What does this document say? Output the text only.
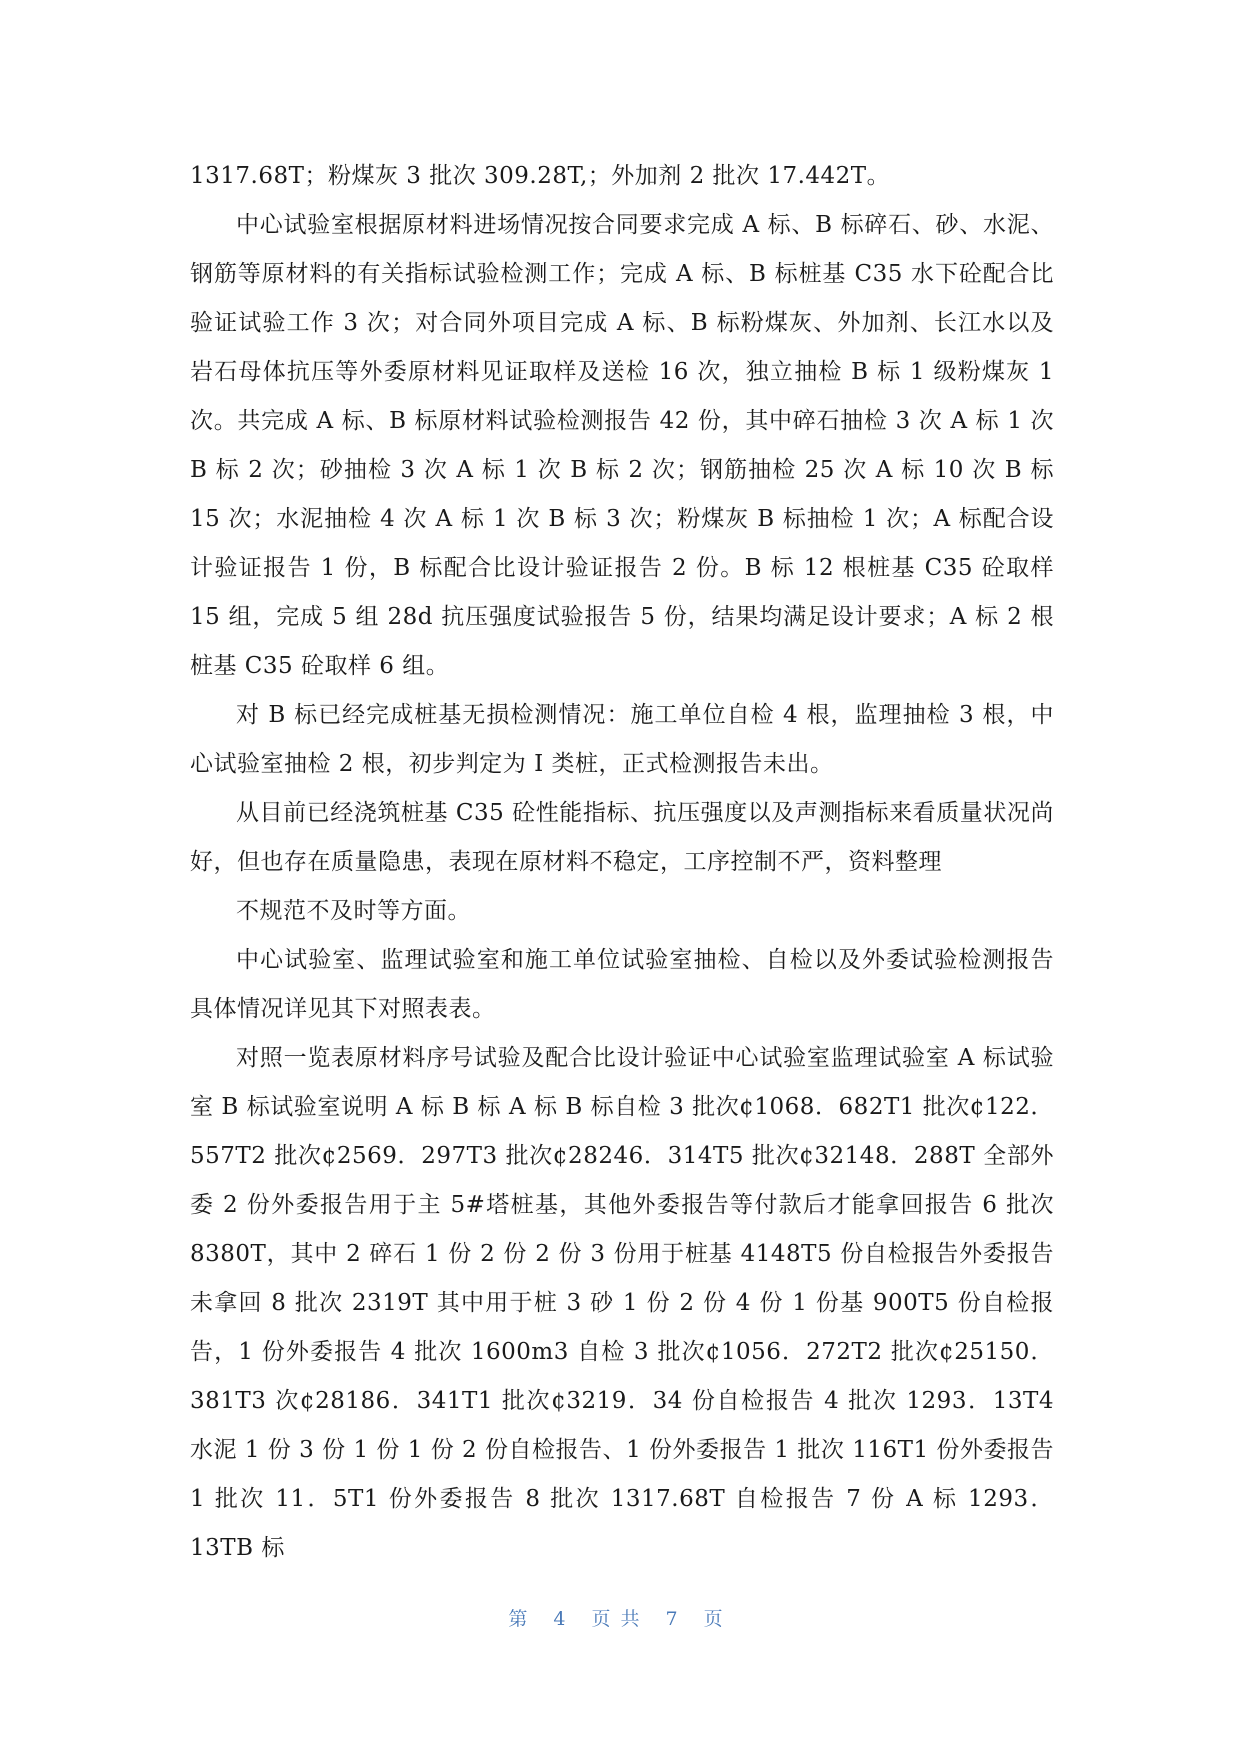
1317.68T；粉煤灰 3 批次 309.28T,；外加剂 2 批次 17.442T。

中心试验室根据原材料进场情况按合同要求完成 A 标、B 标碎石、砂、水泥、钢筋等原材料的有关指标试验检测工作；完成 A 标、B 标桩基 C35 水下砼配合比验证试验工作 3 次；对合同外项目完成 A 标、B 标粉煤灰、外加剂、长江水以及岩石母体抗压等外委原材料见证取样及送检 16 次，独立抽检 B 标 1 级粉煤灰 1 次。共完成 A 标、B 标原材料试验检测报告 42 份，其中碎石抽检 3 次 A 标 1 次 B 标 2 次；砂抽检 3 次 A 标 1 次 B 标 2 次；钢筋抽检 25 次 A 标 10 次 B 标 15 次；水泥抽检 4 次 A 标 1 次 B 标 3 次；粉煤灰 B 标抽检 1 次；A 标配合设计验证报告 1 份，B 标配合比设计验证报告 2 份。B 标 12 根桩基 C35 砼取样 15 组，完成 5 组 28d 抗压强度试验报告 5 份，结果均满足设计要求；A 标 2 根桩基 C35 砼取样 6 组。

对 B 标已经完成桩基无损检测情况：施工单位自检 4 根，监理抽检 3 根，中心试验室抽检 2 根，初步判定为 I 类桩，正式检测报告未出。

从目前已经浇筑桩基 C35 砼性能指标、抗压强度以及声测指标来看质量状况尚好，但也存在质量隐患，表现在原材料不稳定，工序控制不严，资料整理

不规范不及时等方面。

中心试验室、监理试验室和施工单位试验室抽检、自检以及外委试验检测报告具体情况详见其下对照表表。

对照一览表原材料序号试验及配合比设计验证中心试验室监理试验室 A 标试验室 B 标试验室说明 A 标 B 标 A 标 B 标自检 3 批次¢1068．682T1 批次¢122．557T2 批次¢2569．297T3 批次¢28246．314T5 批次¢32148．288T 全部外委 2 份外委报告用于主 5#塔桩基，其他外委报告等付款后才能拿回报告 6 批次 8380T，其中 2 碎石 1 份 2 份 2 份 3 份用于桩基 4148T5 份自检报告外委报告未拿回 8 批次 2319T 其中用于桩 3 砂 1 份 2 份 4 份 1 份基 900T5 份自检报告，1 份外委报告 4 批次 1600m3 自检 3 批次¢1056．272T2 批次¢25150．381T3 次¢28186．341T1 批次¢3219．34 份自检报告 4 批次 1293．13T4 水泥 1 份 3 份 1 份 1 份 2 份自检报告、1 份外委报告 1 批次 116T1 份外委报告 1 批次 11．5T1 份外委报告 8 批次 1317.68T 自检报告 7 份 A 标 1293．13TB 标

第 4 页共 7 页
